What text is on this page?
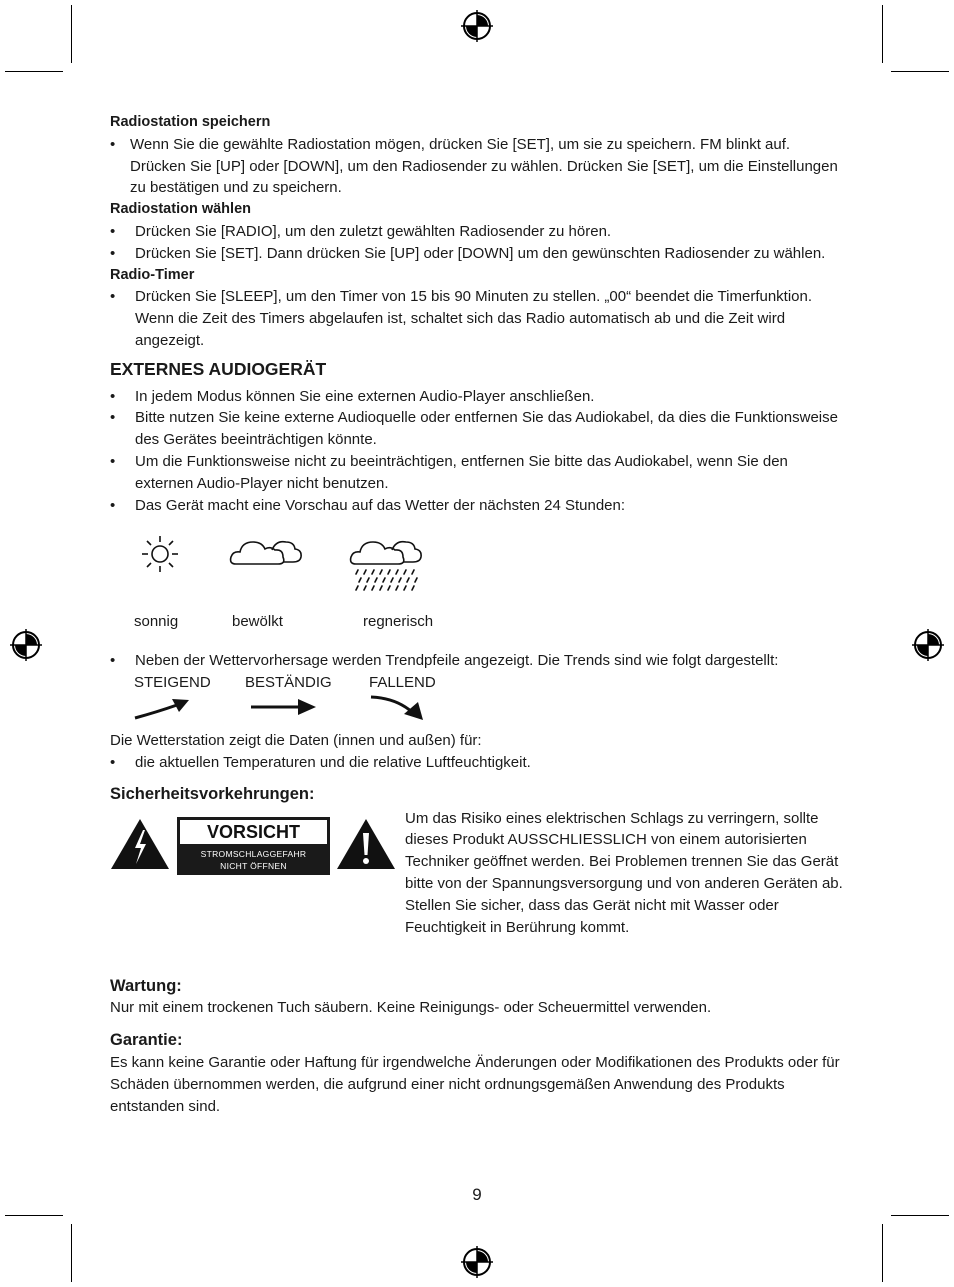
Radiostation speichern

• Wenn Sie die gewählte Radiostation mögen, drücken Sie [SET], um sie zu speichern. FM blinkt auf. Drücken Sie [UP] oder [DOWN], um den Radiosender zu wählen. Drücken Sie [SET], um die Einstellungen zu bestätigen und zu speichern.

Radiostation wählen

• Drücken Sie [RADIO], um den zuletzt gewählten Radiosender zu hören.
• Drücken Sie [SET]. Dann drücken Sie [UP] oder [DOWN] um den gewünschten Radiosender zu wählen.

Radio-Timer

• Drücken Sie [SLEEP], um den Timer von 15 bis 90 Minuten zu stellen. „00“ beendet die Timerfunktion. Wenn die Zeit des Timers abgelaufen ist, schaltet sich das Radio automatisch ab und die Zeit wird angezeigt.

EXTERNES AUDIOGERÄT

• In jedem Modus können Sie eine externen Audio-Player anschließen.
• Bitte nutzen Sie keine externe Audioquelle oder entfernen Sie das Audiokabel, da dies die Funktionsweise des Gerätes beeinträchtigen könnte.
• Um die Funktionsweise nicht zu beeinträchtigen, entfernen Sie bitte das Audiokabel, wenn Sie den externen Audio-Player nicht benutzen.
• Das Gerät macht eine Vorschau auf das Wetter der nächsten 24 Stunden:
sonnig	bewölkt	regnerisch
• Neben der Wettervorhersage werden Trendpfeile angezeigt. Die Trends sind wie folgt dargestellt:
STEIGEND BESTÄNDIG FALLEND

Die Wetterstation zeigt die Daten (innen und außen) für:

• die aktuellen Temperaturen und die relative Luftfeuchtigkeit.

Sicherheitsvorkehrungen:

VORSICHT
STROMSCHLAGGEFAHR
NICHT ÖFFNEN

Um das Risiko eines elektrischen Schlags zu verringern, sollte dieses Produkt AUSSCHLIESSLICH von einem autorisierten Techniker geöffnet werden. Bei Problemen trennen Sie das Gerät bitte von der Spannungsversorgung und von anderen Geräten ab. Stellen Sie sicher, dass das Gerät nicht mit Wasser oder Feuchtigkeit in Berührung kommt.

Wartung:

Nur mit einem trockenen Tuch säubern. Keine Reinigungs- oder Scheuermittel verwenden.

Garantie:

Es kann keine Garantie oder Haftung für irgendwelche Änderungen oder Modifikationen des Produkts oder für Schäden übernommen werden, die aufgrund einer nicht ordnungsgemäßen Anwendung des Produkts entstanden sind.

9
